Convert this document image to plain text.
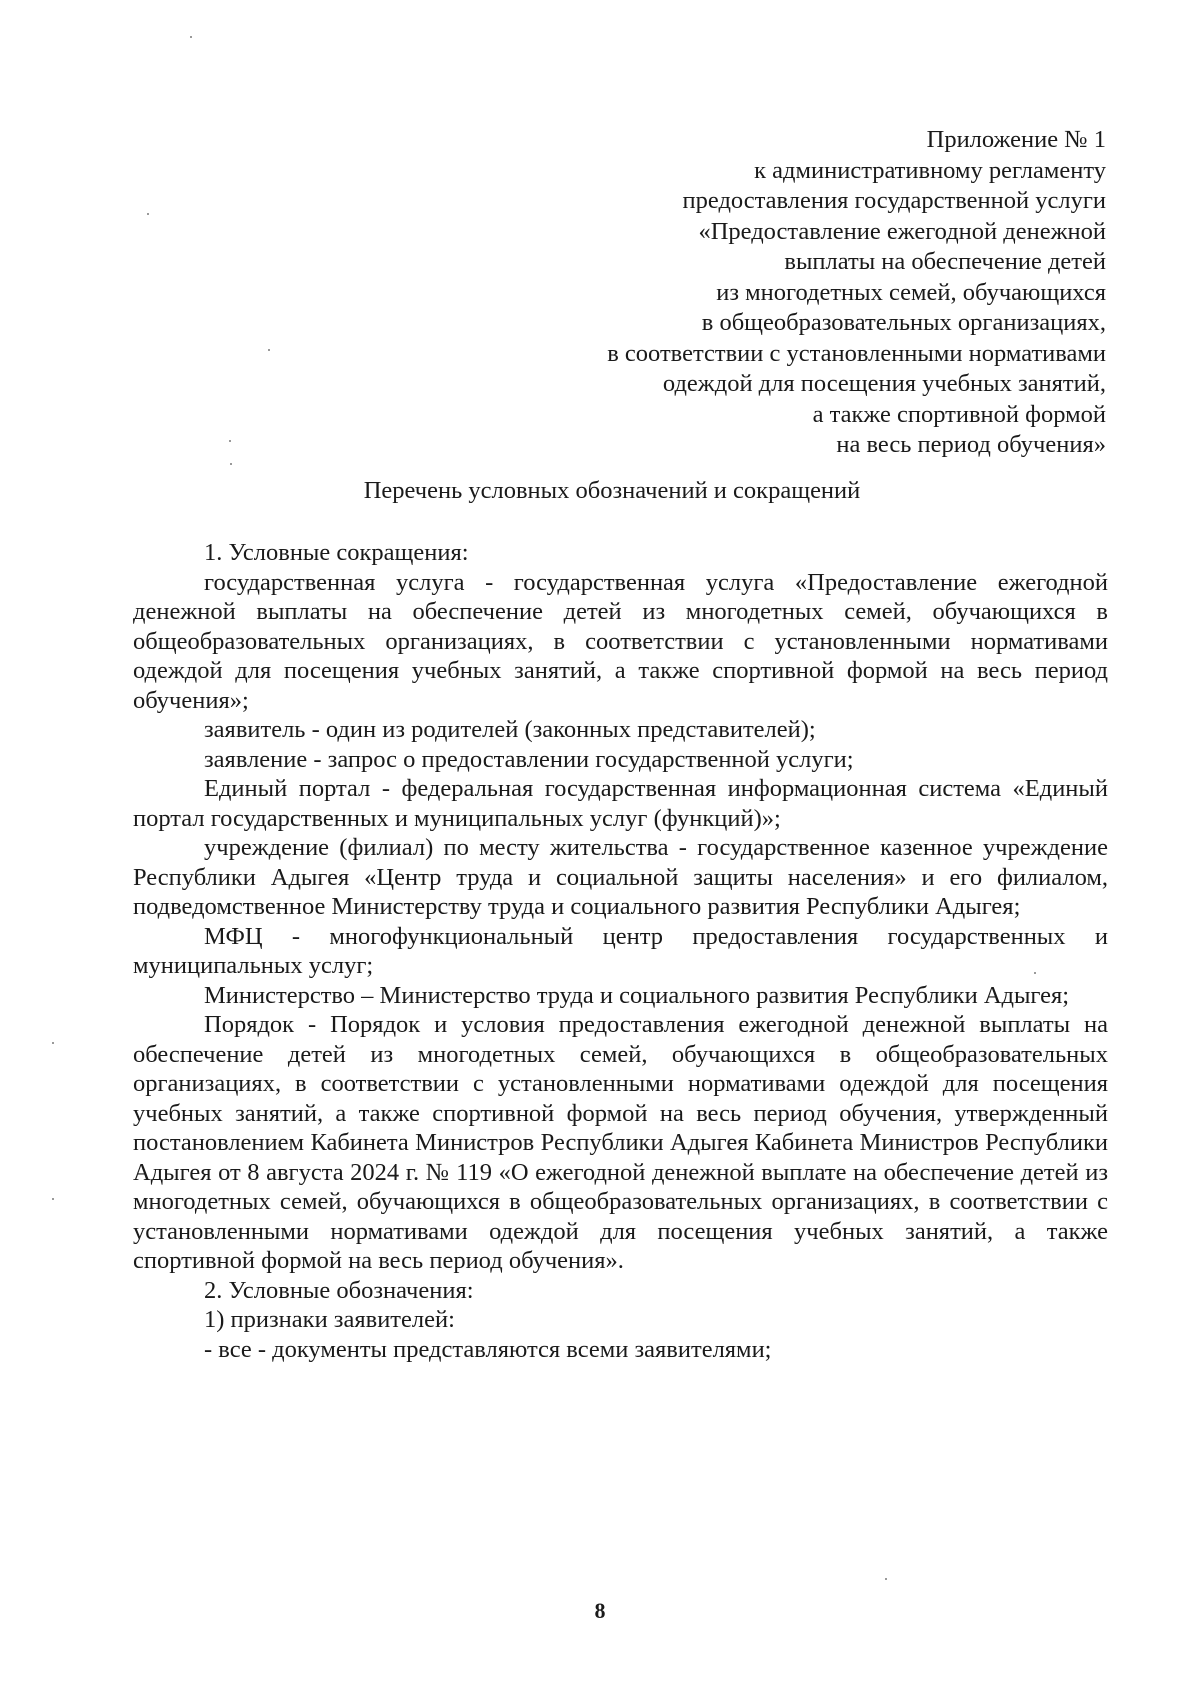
Приложение № 1
к административному регламенту
предоставления государственной услуги
«Предоставление ежегодной денежной
выплаты на обеспечение детей
из многодетных семей, обучающихся
в общеобразовательных организациях,
в соответствии с установленными нормативами
одеждой для посещения учебных занятий,
а также спортивной формой
на весь период обучения»
Перечень условных обозначений и сокращений

1. Условные сокращения:

государственная услуга - государственная услуга «Предоставление ежегодной денежной выплаты на обеспечение детей из многодетных семей, обучающихся в общеобразовательных организациях, в соответствии с установленными нормативами одеждой для посещения учебных занятий, а также спортивной формой на весь период обучения»;

заявитель - один из родителей (законных представителей);

заявление - запрос о предоставлении государственной услуги;

Единый портал - федеральная государственная информационная система «Единый портал государственных и муниципальных услуг (функций)»;

учреждение (филиал) по месту жительства - государственное казенное учреждение Республики Адыгея «Центр труда и социальной защиты населения» и его филиалом, подведомственное Министерству труда и социального развития Республики Адыгея;

МФЦ - многофункциональный центр предоставления государственных и муниципальных услуг;

Министерство – Министерство труда и социального развития Республики Адыгея;

Порядок - Порядок и условия предоставления ежегодной денежной выплаты на обеспечение детей из многодетных семей, обучающихся в общеобразовательных организациях, в соответствии с установленными нормативами одеждой для посещения учебных занятий, а также спортивной формой на весь период обучения, утвержденный постановлением Кабинета Министров Республики Адыгея Кабинета Министров Республики Адыгея от 8 августа 2024 г. № 119 «О ежегодной денежной выплате на обеспечение детей из многодетных семей, обучающихся в общеобразовательных организациях, в соответствии с установленными нормативами одеждой для посещения учебных занятий, а также спортивной формой на весь период обучения».

2. Условные обозначения:

1) признаки заявителей:

- все - документы представляются всеми заявителями;

8
